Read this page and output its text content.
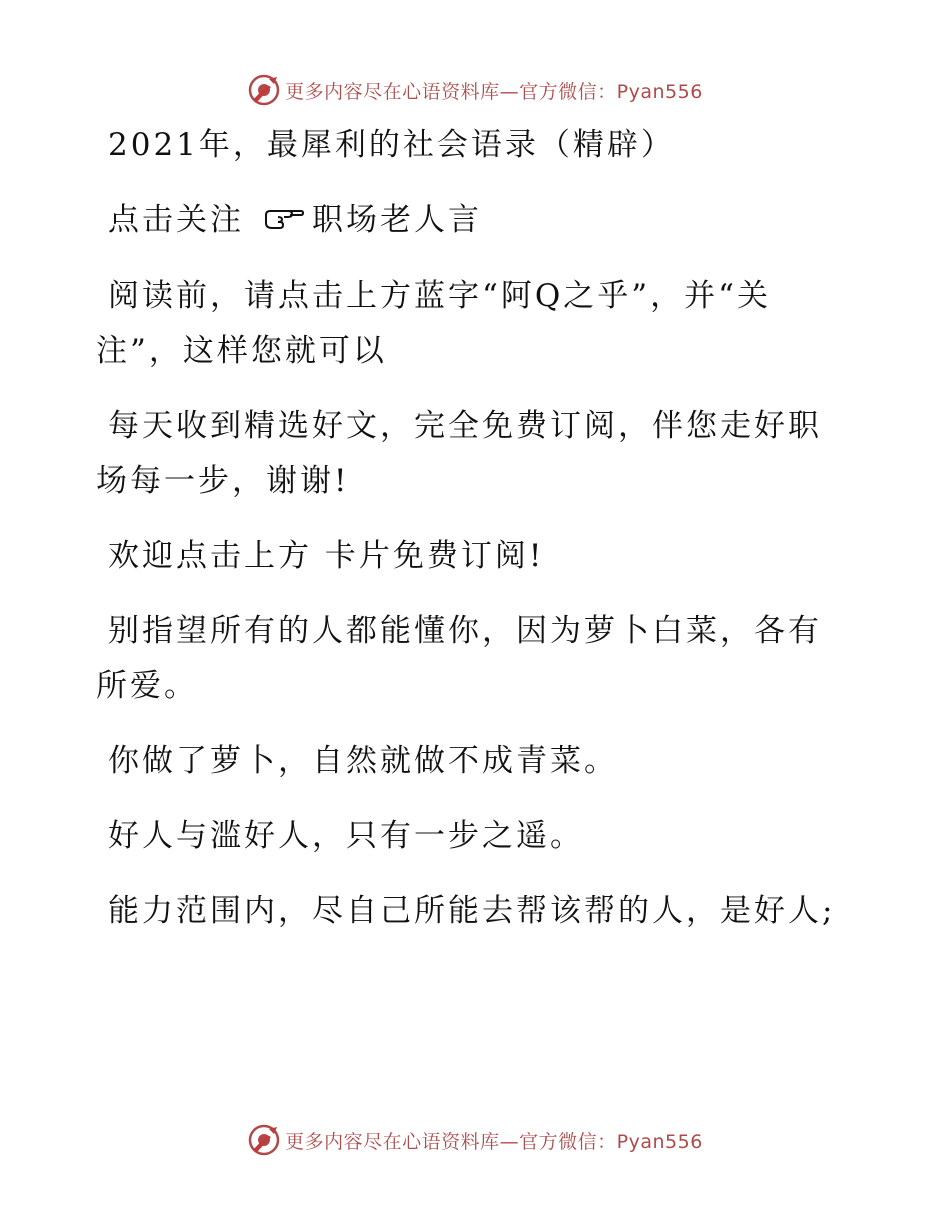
更多内容尽在心语资料库—官方微信：Pyan556

2021年，最犀利的社会语录（精辟）

点击关注 职场老人言

阅读前，请点击上方蓝字“阿Q之乎”，并“关注”，这样您就可以

每天收到精选好文，完全免费订阅，伴您走好职场每一步，谢谢!

欢迎点击上方 卡片免费订阅!

别指望所有的人都能懂你，因为萝卜白菜，各有所爱。

你做了萝卜，自然就做不成青菜。

好人与滥好人，只有一步之遥。

能力范围内，尽自己所能去帮该帮的人，是好人;

更多内容尽在心语资料库—官方微信：Pyan556
